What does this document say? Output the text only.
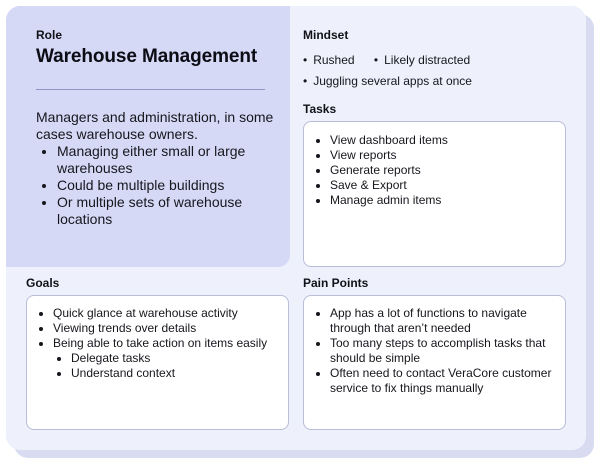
Role
Warehouse Management
Managers and administration, in some cases warehouse owners.
• Managing either small or large warehouses
• Could be multiple buildings
• Or multiple sets of warehouse locations
Mindset
• Rushed • Likely distracted
• Juggling several apps at once
Tasks
• View dashboard items
• View reports
• Generate reports
• Save & Export
• Manage admin items
Goals
• Quick glance at warehouse activity
• Viewing trends over details
• Being able to take action on items easily
• Delegate tasks
• Understand context
Pain Points
• App has a lot of functions to navigate through that aren’t needed
• Too many steps to accomplish tasks that should be simple
• Often need to contact VeraCore customer service to fix things manually
